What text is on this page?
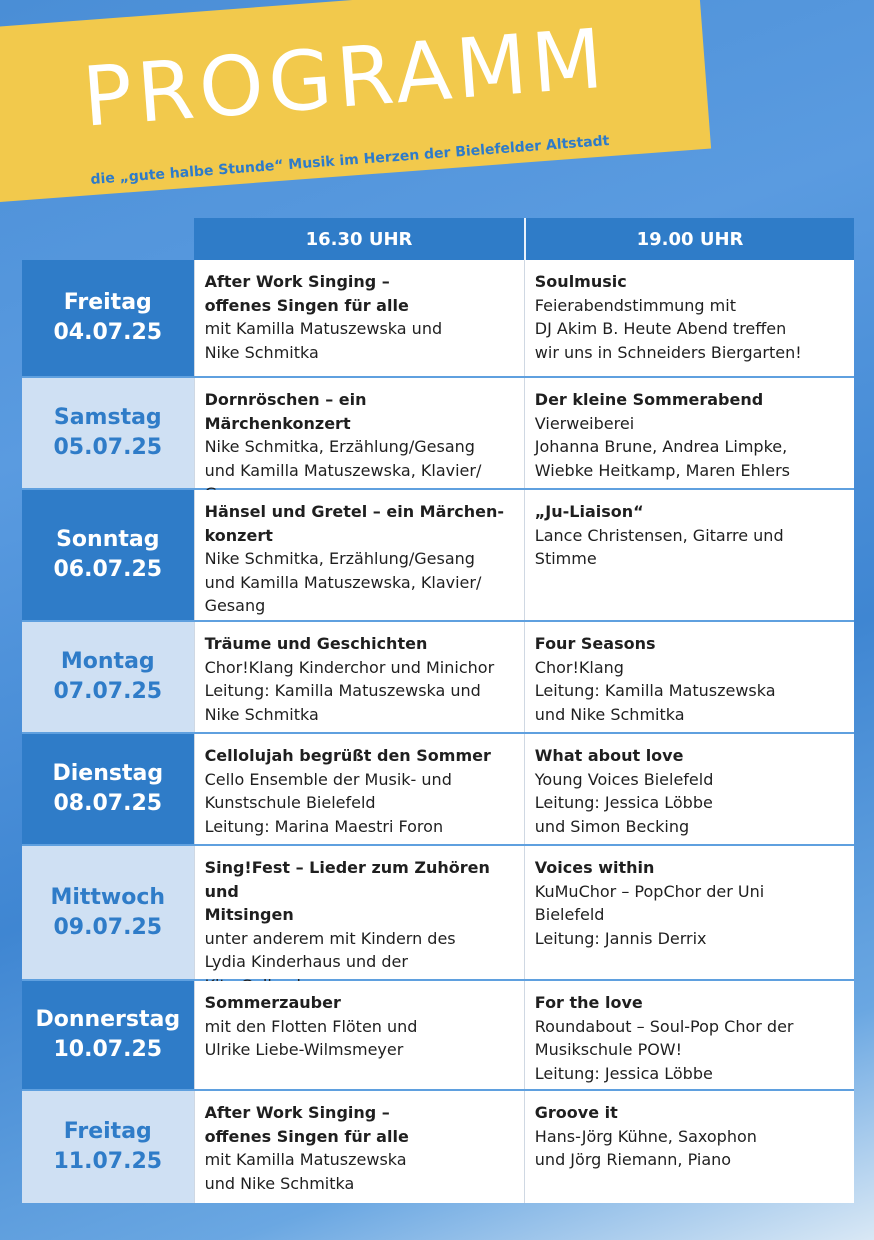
PROGRAMM
die „gute halbe Stunde“ Musik im Herzen der Bielefelder Altstadt
16.30 UHR	19.00 UHR
Freitag
04.07.25
After Work Singing –
offenes Singen für alle
mit Kamilla Matuszewska und
Nike Schmitka
Soulmusic
Feierabendstimmung mit
DJ Akim B. Heute Abend treffen
wir uns in Schneiders Biergarten!
Samstag
05.07.25
Dornröschen – ein Märchenkonzert
Nike Schmitka, Erzählung/Gesang
und Kamilla Matuszewska, Klavier/

Der kleine Sommerabend
Vierweiberei
Johanna Brune, Andrea Limpke,
Wiebke Heitkamp, Maren Ehlers
Sonntag
06.07.25
Hänsel und Gretel – ein Märchen-
konzert
Nike Schmitka, Erzählung/Gesang
und Kamilla Matuszewska, Klavier/
Gesang
„Ju-Liaison“
Lance Christensen, Gitarre und
Stimme
Montag
07.07.25
Träume und Geschichten
Chor!Klang Kinderchor und Minichor
Leitung: Kamilla Matuszewska und
Nike Schmitka
Four Seasons
Chor!Klang
Leitung: Kamilla Matuszewska
und Nike Schmitka
Dienstag
08.07.25
Cellolujah begrüßt den Sommer
Cello Ensemble der Musik- und
Kunstschule Bielefeld
Leitung: Marina Maestri Foron
What about love
Young Voices Bielefeld
Leitung: Jessica Löbbe
und Simon Becking
Mittwoch
09.07.25
Sing!Fest – Lieder zum Zuhören und
Mitsingen
unter anderem mit Kindern des
Lydia Kinderhaus und der

Voices within
KuMuChor – PopChor der Uni
Bielefeld
Leitung: Jannis Derrix
Donnerstag
10.07.25
Sommerzauber
mit den Flotten Flöten und
Ulrike Liebe-Wilmsmeyer
For the love
Roundabout – Soul-Pop Chor der
Musikschule POW!
Leitung: Jessica Löbbe
Freitag
11.07.25
After Work Singing –
offenes Singen für alle
mit Kamilla Matuszewska
und Nike Schmitka
Groove it
Hans-Jörg Kühne, Saxophon
und Jörg Riemann, Piano
